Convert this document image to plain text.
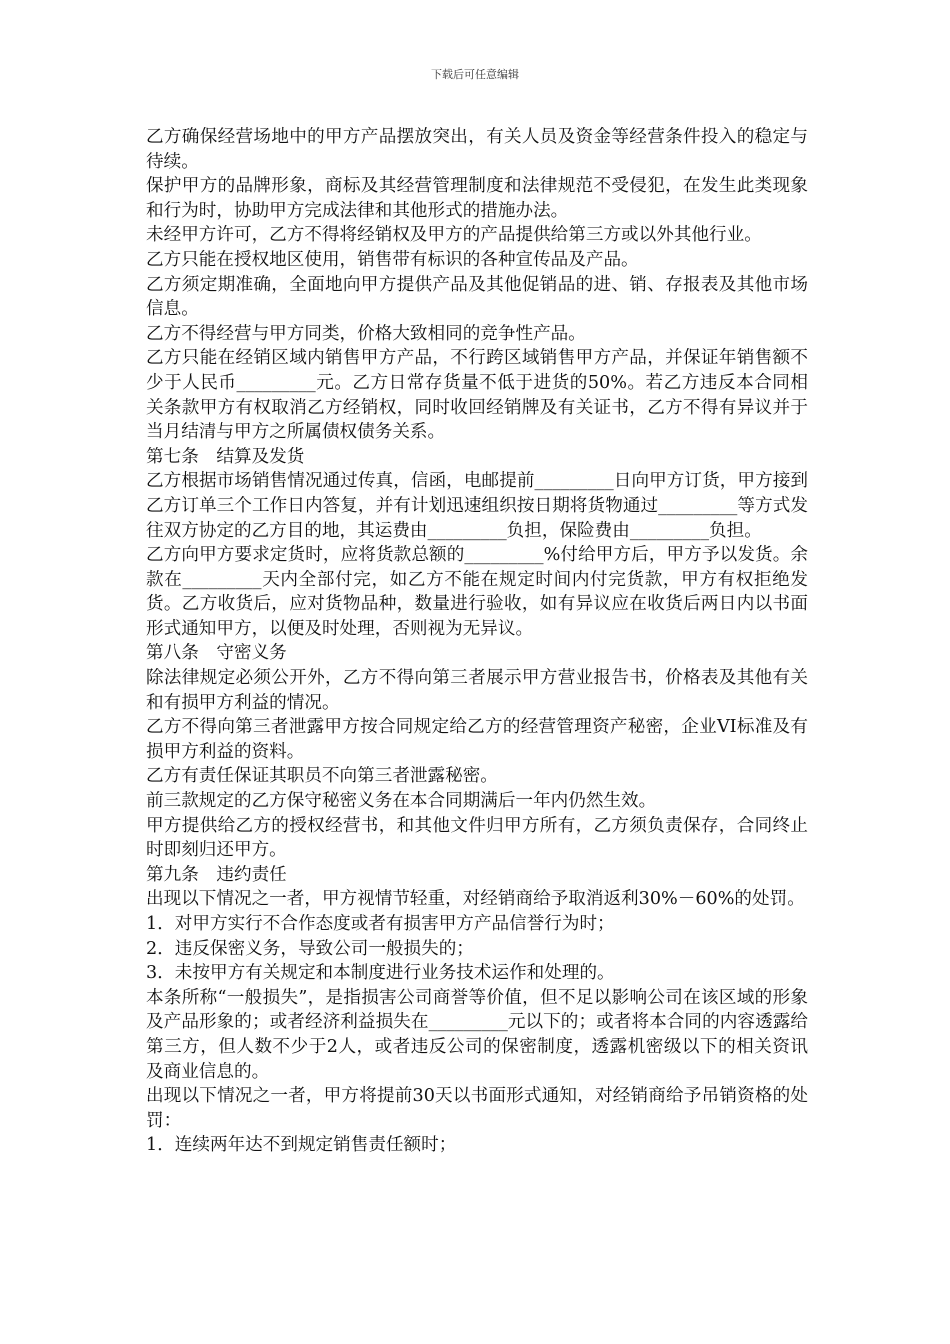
下载后可任意编辑

乙方确保经营场地中的甲方产品摆放突出，有关人员及资金等经营条件投入的稳定与待续。

保护甲方的品牌形象，商标及其经营管理制度和法律规范不受侵犯，在发生此类现象和行为时，协助甲方完成法律和其他形式的措施办法。

未经甲方许可，乙方不得将经销权及甲方的产品提供给第三方或以外其他行业。

乙方只能在授权地区使用，销售带有标识的各种宣传品及产品。

乙方须定期准确，全面地向甲方提供产品及其他促销品的进、销、存报表及其他市场信息。

乙方不得经营与甲方同类，价格大致相同的竞争性产品。

乙方只能在经销区域内销售甲方产品，不行跨区域销售甲方产品，并保证年销售额不少于人民币_________元。乙方日常存货量不低于进货的50%。若乙方违反本合同相关条款甲方有权取消乙方经销权，同时收回经销牌及有关证书，乙方不得有异议并于当月结清与甲方之所属债权债务关系。

第七条　结算及发货

乙方根据市场销售情况通过传真，信函，电邮提前_________日向甲方订货，甲方接到乙方订单三个工作日内答复，并有计划迅速组织按日期将货物通过_________等方式发往双方协定的乙方目的地，其运费由_________负担，保险费由_________负担。

乙方向甲方要求定货时，应将货款总额的_________%付给甲方后，甲方予以发货。余款在_________天内全部付完，如乙方不能在规定时间内付完货款，甲方有权拒绝发货。乙方收货后，应对货物品种，数量进行验收，如有异议应在收货后两日内以书面形式通知甲方，以便及时处理，否则视为无异议。

第八条　守密义务

除法律规定必须公开外，乙方不得向第三者展示甲方营业报告书，价格表及其他有关和有损甲方利益的情况。

乙方不得向第三者泄露甲方按合同规定给乙方的经营管理资产秘密，企业VI标准及有损甲方利益的资料。

乙方有责任保证其职员不向第三者泄露秘密。

前三款规定的乙方保守秘密义务在本合同期满后一年内仍然生效。

甲方提供给乙方的授权经营书，和其他文件归甲方所有，乙方须负责保存，合同终止时即刻归还甲方。

第九条　违约责任

出现以下情况之一者，甲方视情节轻重，对经销商给予取消返利30%－60%的处罚。

1．对甲方实行不合作态度或者有损害甲方产品信誉行为时；

2．违反保密义务，导致公司一般损失的；

3．未按甲方有关规定和本制度进行业务技术运作和处理的。

本条所称“一般损失”，是指损害公司商誉等价值，但不足以影响公司在该区域的形象及产品形象的；或者经济利益损失在_________元以下的；或者将本合同的内容透露给第三方，但人数不少于2人，或者违反公司的保密制度，透露机密级以下的相关资讯及商业信息的。

出现以下情况之一者，甲方将提前30天以书面形式通知，对经销商给予吊销资格的处罚：

1．连续两年达不到规定销售责任额时；
